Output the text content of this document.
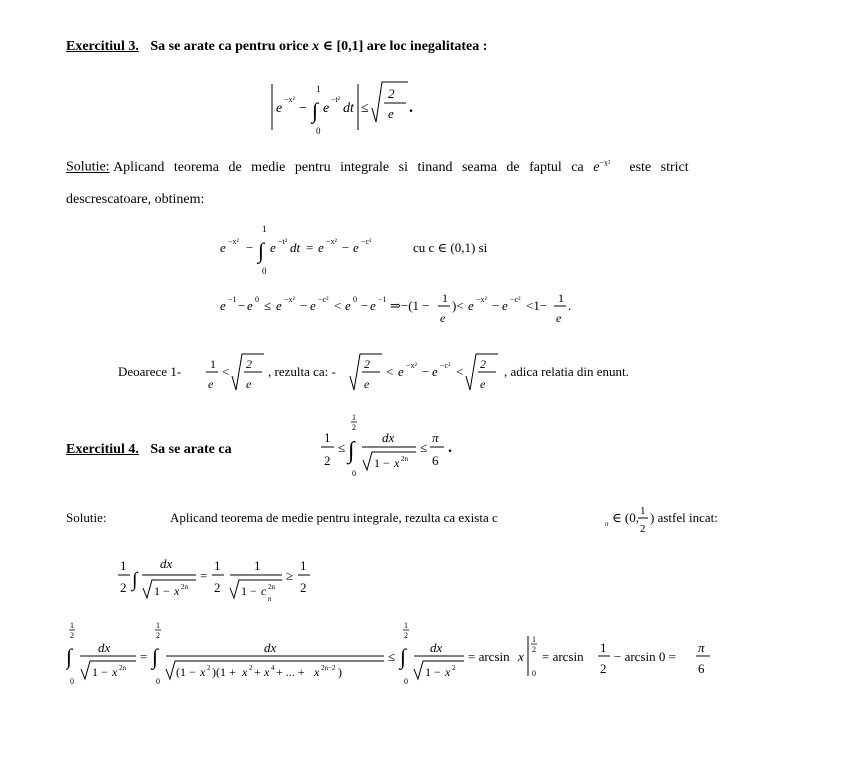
Exercitiul 3. Sa se arate ca pentru orice x ∈ [0,1] are loc inegalitatea :
e
−x²
− ∫
1
0
e
−t²
dt ≤
2
e .
Solutie: Aplicand teorema de medie pentru integrale si tinand seama de faptul ca $e^{-x^2}$  este strict
descrescatoare, obtinem:
e −x² − ∫
1
0
e −t² dt = e −x² − e −c²	cu c ∈ (0,1) si
e −1 − e 0 ≤ e −x² − e −c² < e 0 − e −1 ⇒−(1 − 1
e
)< e −x² − e −c² <1− 1
e
.
Deoarece 1- 1
e
< 2
e
, rezulta ca: - 2
e
< e −x² − e −c² < 2
e
, adica relatia din enunt.
Exercitiul 4. Sa se arate ca
1
2
≤ ∫
1
2
0
dx
1 − x 2n
≤
π
6
.
Solutie:	Aplicand teorema de medie pentru integrale, rezulta ca exista c	n ∈ (0, 1
2
) astfel incat:
1
2 ∫
dx
1 − x 2n
=
1
2
1
1 − c 2n
n
≥
1
2
∫
1
2
0
dx
1 − x 2n
= ∫
1
2
0
dx
(1 − x 2 )(1 + x 2 + x 4 + ... + x 2n−2 )
≤ ∫
1
2
0
dx
1 − x 2
= arcsin x
1
2
0
= arcsin
1
2
− arcsin 0 =
π
6
